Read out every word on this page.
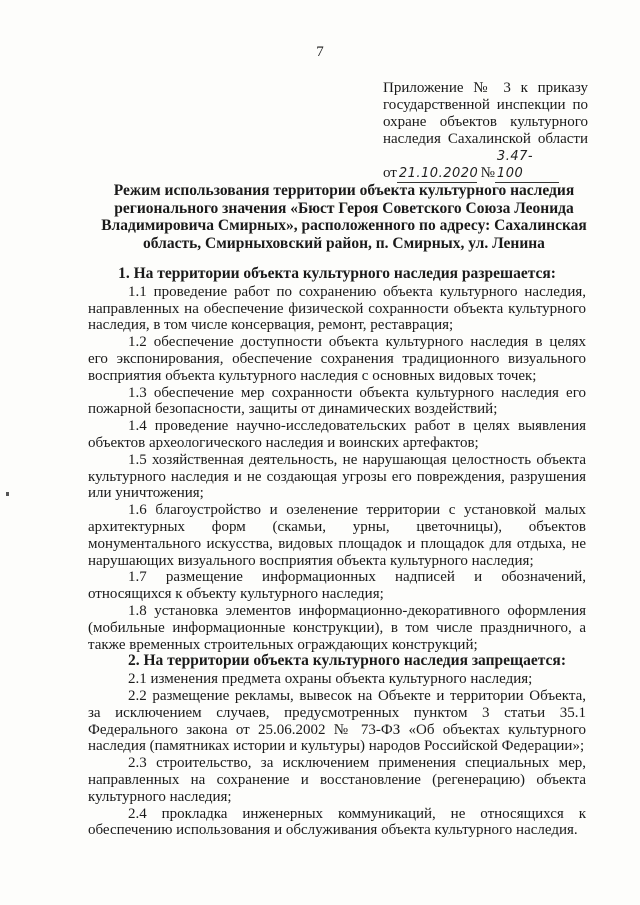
7
Приложение № 3 к приказу
государственной инспекции по
охране объектов культурного
наследия Сахалинской области
от 21.10.2020 №3.47-100
Режим использования территории объекта культурного наследия
регионального значения «Бюст Героя Советского Союза Леонида
Владимировича Смирных», расположенного по адресу: Сахалинская
область, Смирныховский район, п. Смирных, ул. Ленина
1. На территории объекта культурного наследия разрешается:

1.1 проведение работ по сохранению объекта культурного наследия, направленных на обеспечение физической сохранности объекта культурного наследия, в том числе консервация, ремонт, реставрация;

1.2 обеспечение доступности объекта культурного наследия в целях его экспонирования, обеспечение сохранения традиционного визуального восприятия объекта культурного наследия с основных видовых точек;

1.3 обеспечение мер сохранности объекта культурного наследия его пожарной безопасности, защиты от динамических воздействий;

1.4 проведение научно-исследовательских работ в целях выявления объектов археологического наследия и воинских артефактов;

1.5 хозяйственная деятельность, не нарушающая целостность объекта культурного наследия и не создающая угрозы его повреждения, разрушения или уничтожения;

1.6 благоустройство и озеленение территории с установкой малых архитектурных форм (скамьи, урны, цветочницы), объектов монументального искусства, видовых площадок и площадок для отдыха, не нарушающих визуального восприятия объекта культурного наследия;

1.7 размещение информационных надписей и обозначений, относящихся к объекту культурного наследия;

1.8 установка элементов информационно-декоративного оформления (мобильные информационные конструкции), в том числе праздничного, а также временных строительных ограждающих конструкций;

2. На территории объекта культурного наследия запрещается:

2.1 изменения предмета охраны объекта культурного наследия;

2.2 размещение рекламы, вывесок на Объекте и территории Объекта, за исключением случаев, предусмотренных пунктом 3 статьи 35.1 Федерального закона от 25.06.2002 № 73-ФЗ «Об объектах культурного наследия (памятниках истории и культуры) народов Российской Федерации»;

2.3 строительство, за исключением применения специальных мер, направленных на сохранение и восстановление (регенерацию) объекта культурного наследия;

2.4 прокладка инженерных коммуникаций, не относящихся к обеспечению использования и обслуживания объекта культурного наследия.
